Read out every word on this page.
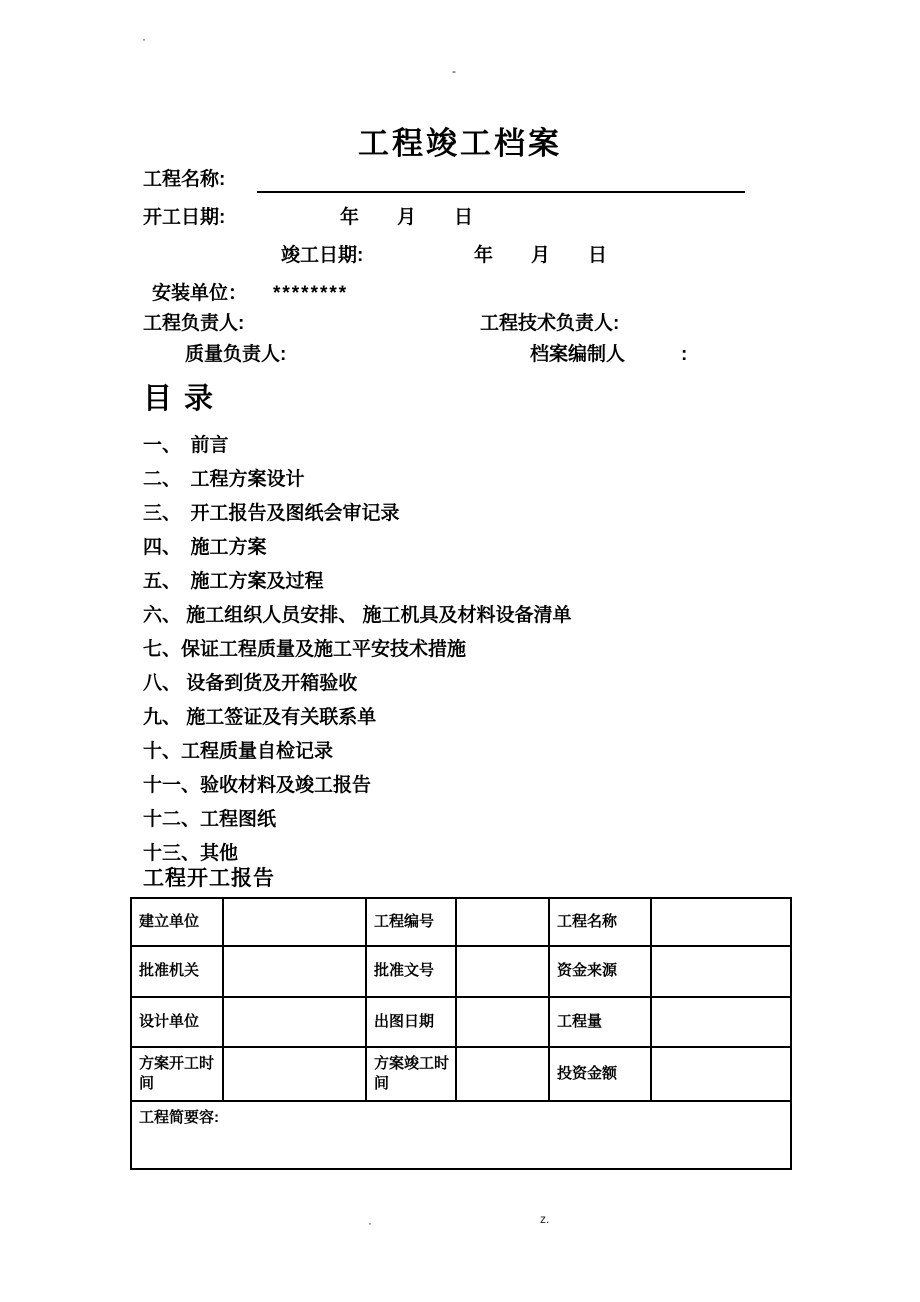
·
-
工程竣工档案
工程名称:
开工日期:	年　　月　　日
竣工日期:	年　　月　　日
安装单位： ********
工程负责人:	工程技术负责人:
质量负责人:	档案编制人	:
目 录
一、　前言
二、　工程方案设计
三、　开工报告及图纸会审记录
四、　施工方案
五、　施工方案及过程
六、 施工组织人员安排、 施工机具及材料设备清单
七、保证工程质量及施工平安技术措施
八、 设备到货及开箱验收
九、 施工签证及有关联系单
十、工程质量自检记录
十一、验收材料及竣工报告
十二、工程图纸
十三、其他
工程开工报告
建立单位		工程编号		工程名称	
批准机关		批准文号		资金来源	
设计单位		出图日期		工程量	
方案开工时间		方案竣工时间		投资金额	
工程简要容:					
·	z.
